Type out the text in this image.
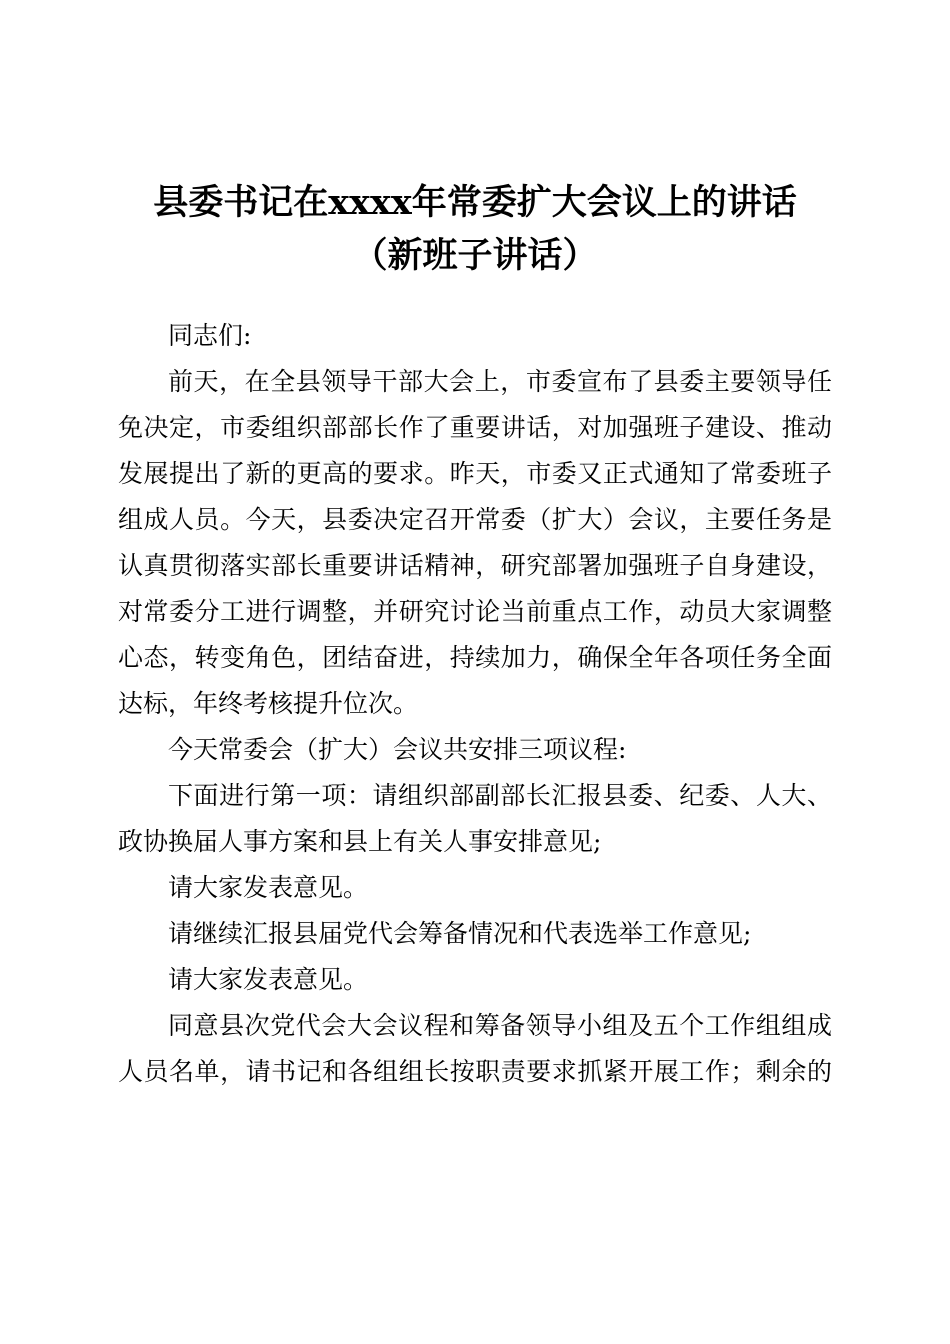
县委书记在xxxx年常委扩大会议上的讲话
（新班子讲话）

同志们:

前天，在全县领导干部大会上，市委宣布了县委主要领导任

免决定，市委组织部部长作了重要讲话，对加强班子建设、推动

发展提出了新的更高的要求。昨天，市委又正式通知了常委班子

组成人员。今天，县委决定召开常委（扩大）会议，主要任务是

认真贯彻落实部长重要讲话精神，研究部署加强班子自身建设，

对常委分工进行调整，并研究讨论当前重点工作，动员大家调整

心态，转变角色，团结奋进，持续加力，确保全年各项任务全面

达标，年终考核提升位次。

今天常委会（扩大）会议共安排三项议程:

下面进行第一项：请组织部副部长汇报县委、纪委、人大、

政协换届人事方案和县上有关人事安排意见;

请大家发表意见。

请继续汇报县届党代会筹备情况和代表选举工作意见;

请大家发表意见。

同意县次党代会大会议程和筹备领导小组及五个工作组组成

人员名单，请书记和各组组长按职责要求抓紧开展工作；剩余的
